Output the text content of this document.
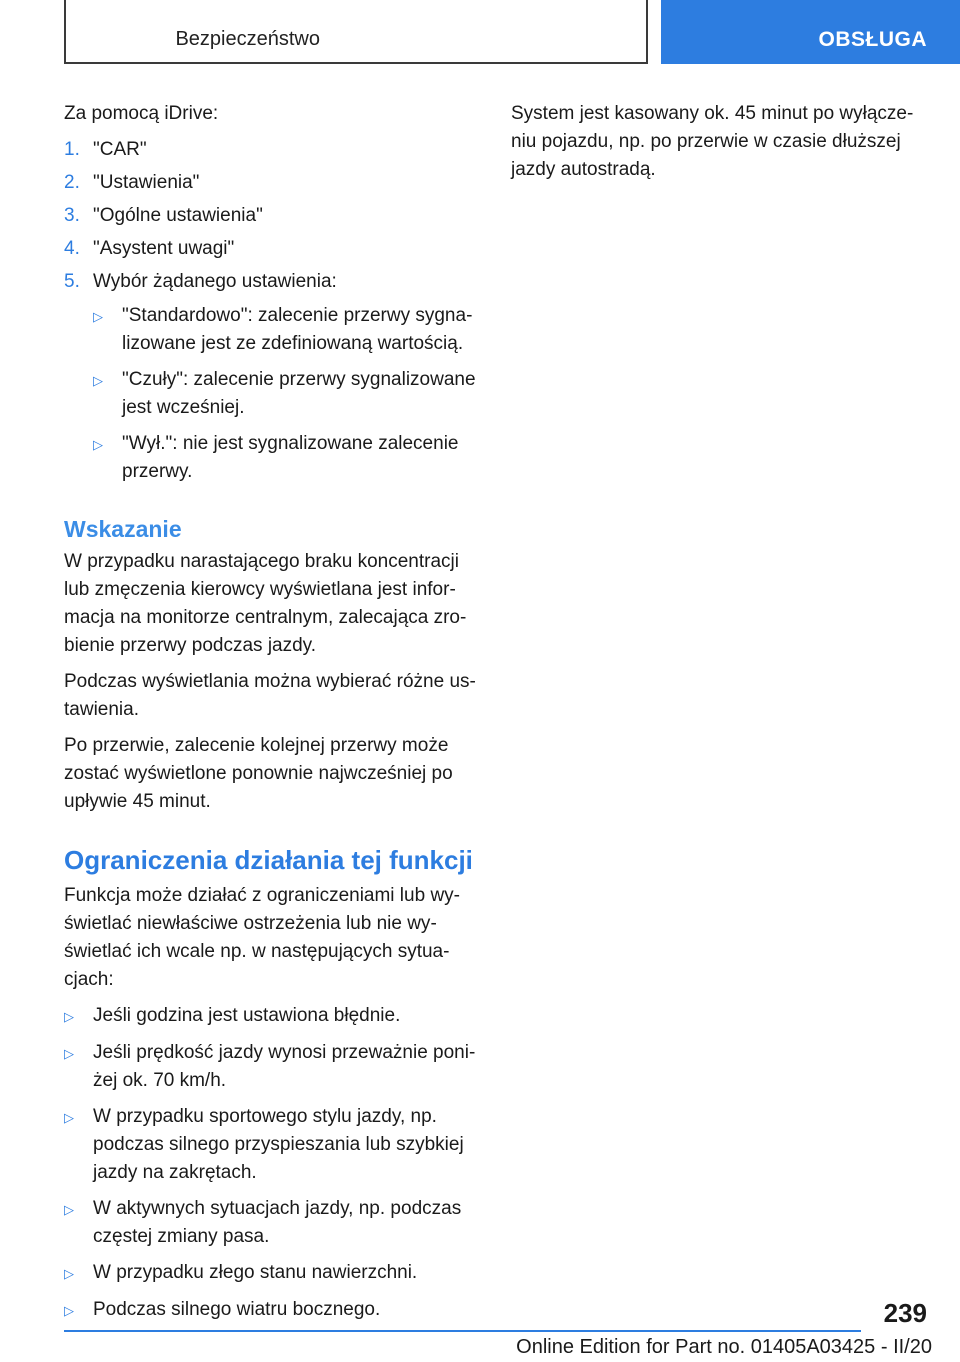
Bezpieczeństwo	OBSŁUGA

Za pomocą iDrive:

1. "CAR"
2. "Ustawienia"
3. "Ogólne ustawienia"
4. "Asystent uwagi"
5. Wybór żądanego ustawienia:
▷	"Standardowo": zalecenie przerwy sygnalizowane jest ze zdefiniowaną wartością.
▷	"Czuły": zalecenie przerwy sygnalizowane jest wcześniej.
▷	"Wył.": nie jest sygnalizowane zalecenie przerwy.
Wskazanie

W przypadku narastającego braku koncentracji lub zmęczenia kierowcy wyświetlana jest informacja na monitorze centralnym, zalecająca zrobienie przerwy podczas jazdy.

Podczas wyświetlania można wybierać różne ustawienia.

Po przerwie, zalecenie kolejnej przerwy może zostać wyświetlone ponownie najwcześniej po upływie 45 minut.

Ograniczenia działania tej funkcji

Funkcja może działać z ograniczeniami lub wyświetlać niewłaściwe ostrzeżenia lub nie wyświetlać ich wcale np. w następujących sytuacjach:

▷	Jeśli godzina jest ustawiona błędnie.
▷	Jeśli prędkość jazdy wynosi przeważnie poniżej ok. 70 km/h.
▷	W przypadku sportowego stylu jazdy, np. podczas silnego przyspieszania lub szybkiej jazdy na zakrętach.
▷	W aktywnych sytuacjach jazdy, np. podczas częstej zmiany pasa.
▷	W przypadku złego stanu nawierzchni.
▷	Podczas silnego wiatru bocznego.

System jest kasowany ok. 45 minut po wyłączeniu pojazdu, np. po przerwie w czasie dłuższej jazdy autostradą.

239
Online Edition for Part no. 01405A03425 - II/20
